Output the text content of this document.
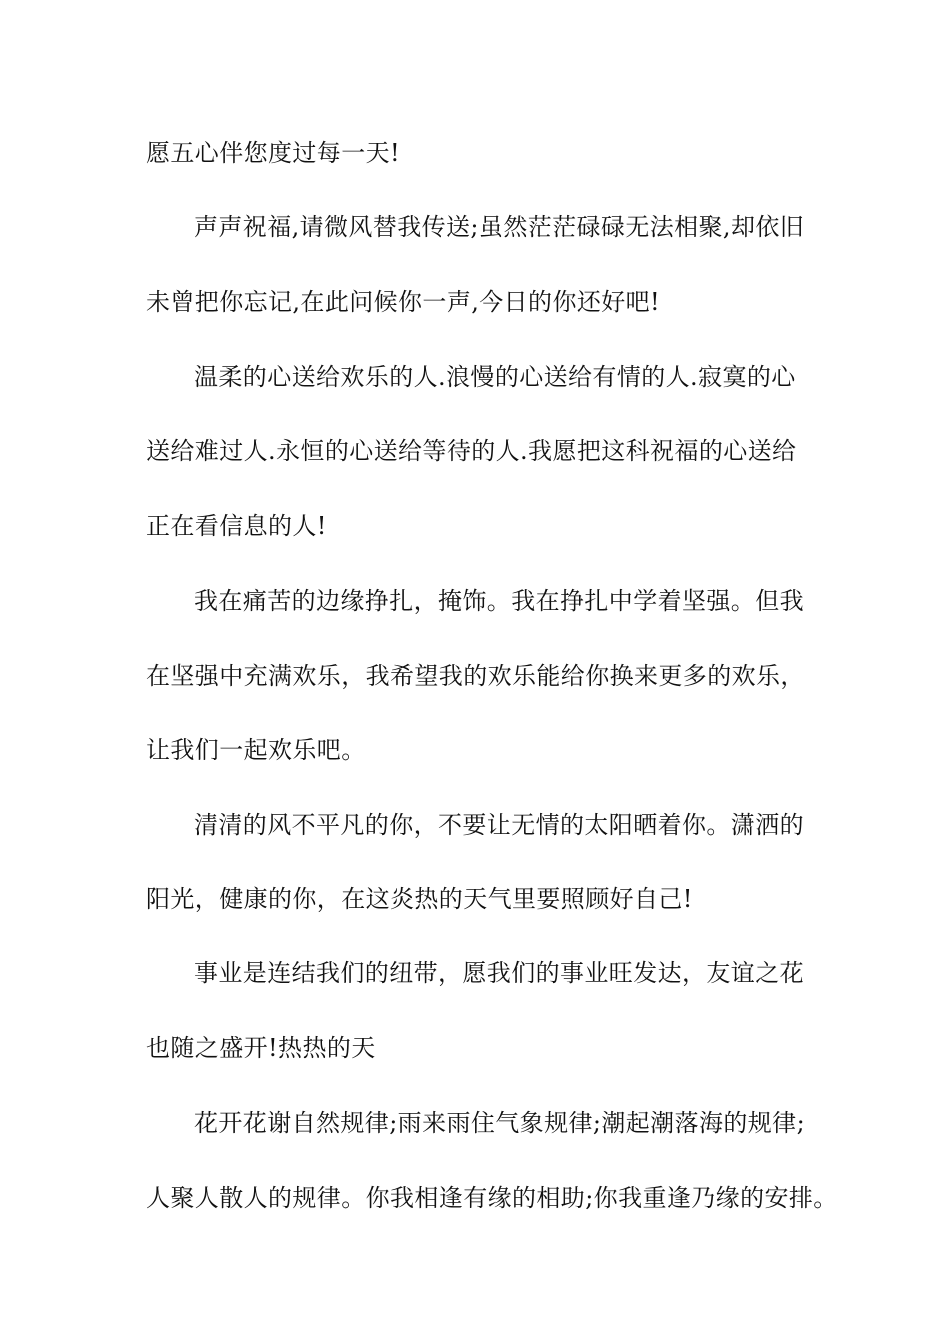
愿五心伴您度过每一天!
声声祝福,请微风替我传送;虽然茫茫碌碌无法相聚,却依旧
未曾把你忘记,在此问候你一声,今日的你还好吧!
温柔的心送给欢乐的人.浪慢的心送给有情的人.寂寞的心
送给难过人.永恒的心送给等待的人.我愿把这科祝福的心送给
正在看信息的人!
我在痛苦的边缘挣扎，掩饰。我在挣扎中学着坚强。但我
在坚强中充满欢乐，我希望我的欢乐能给你换来更多的欢乐，
让我们一起欢乐吧。
清清的风不平凡的你，不要让无情的太阳晒着你。潇洒的
阳光，健康的你，在这炎热的天气里要照顾好自己!
事业是连结我们的纽带，愿我们的事业旺发达，友谊之花
也随之盛开!热热的天
花开花谢自然规律;雨来雨住气象规律;潮起潮落海的规律;
人聚人散人的规律。你我相逢有缘的相助;你我重逢乃缘的安排。
